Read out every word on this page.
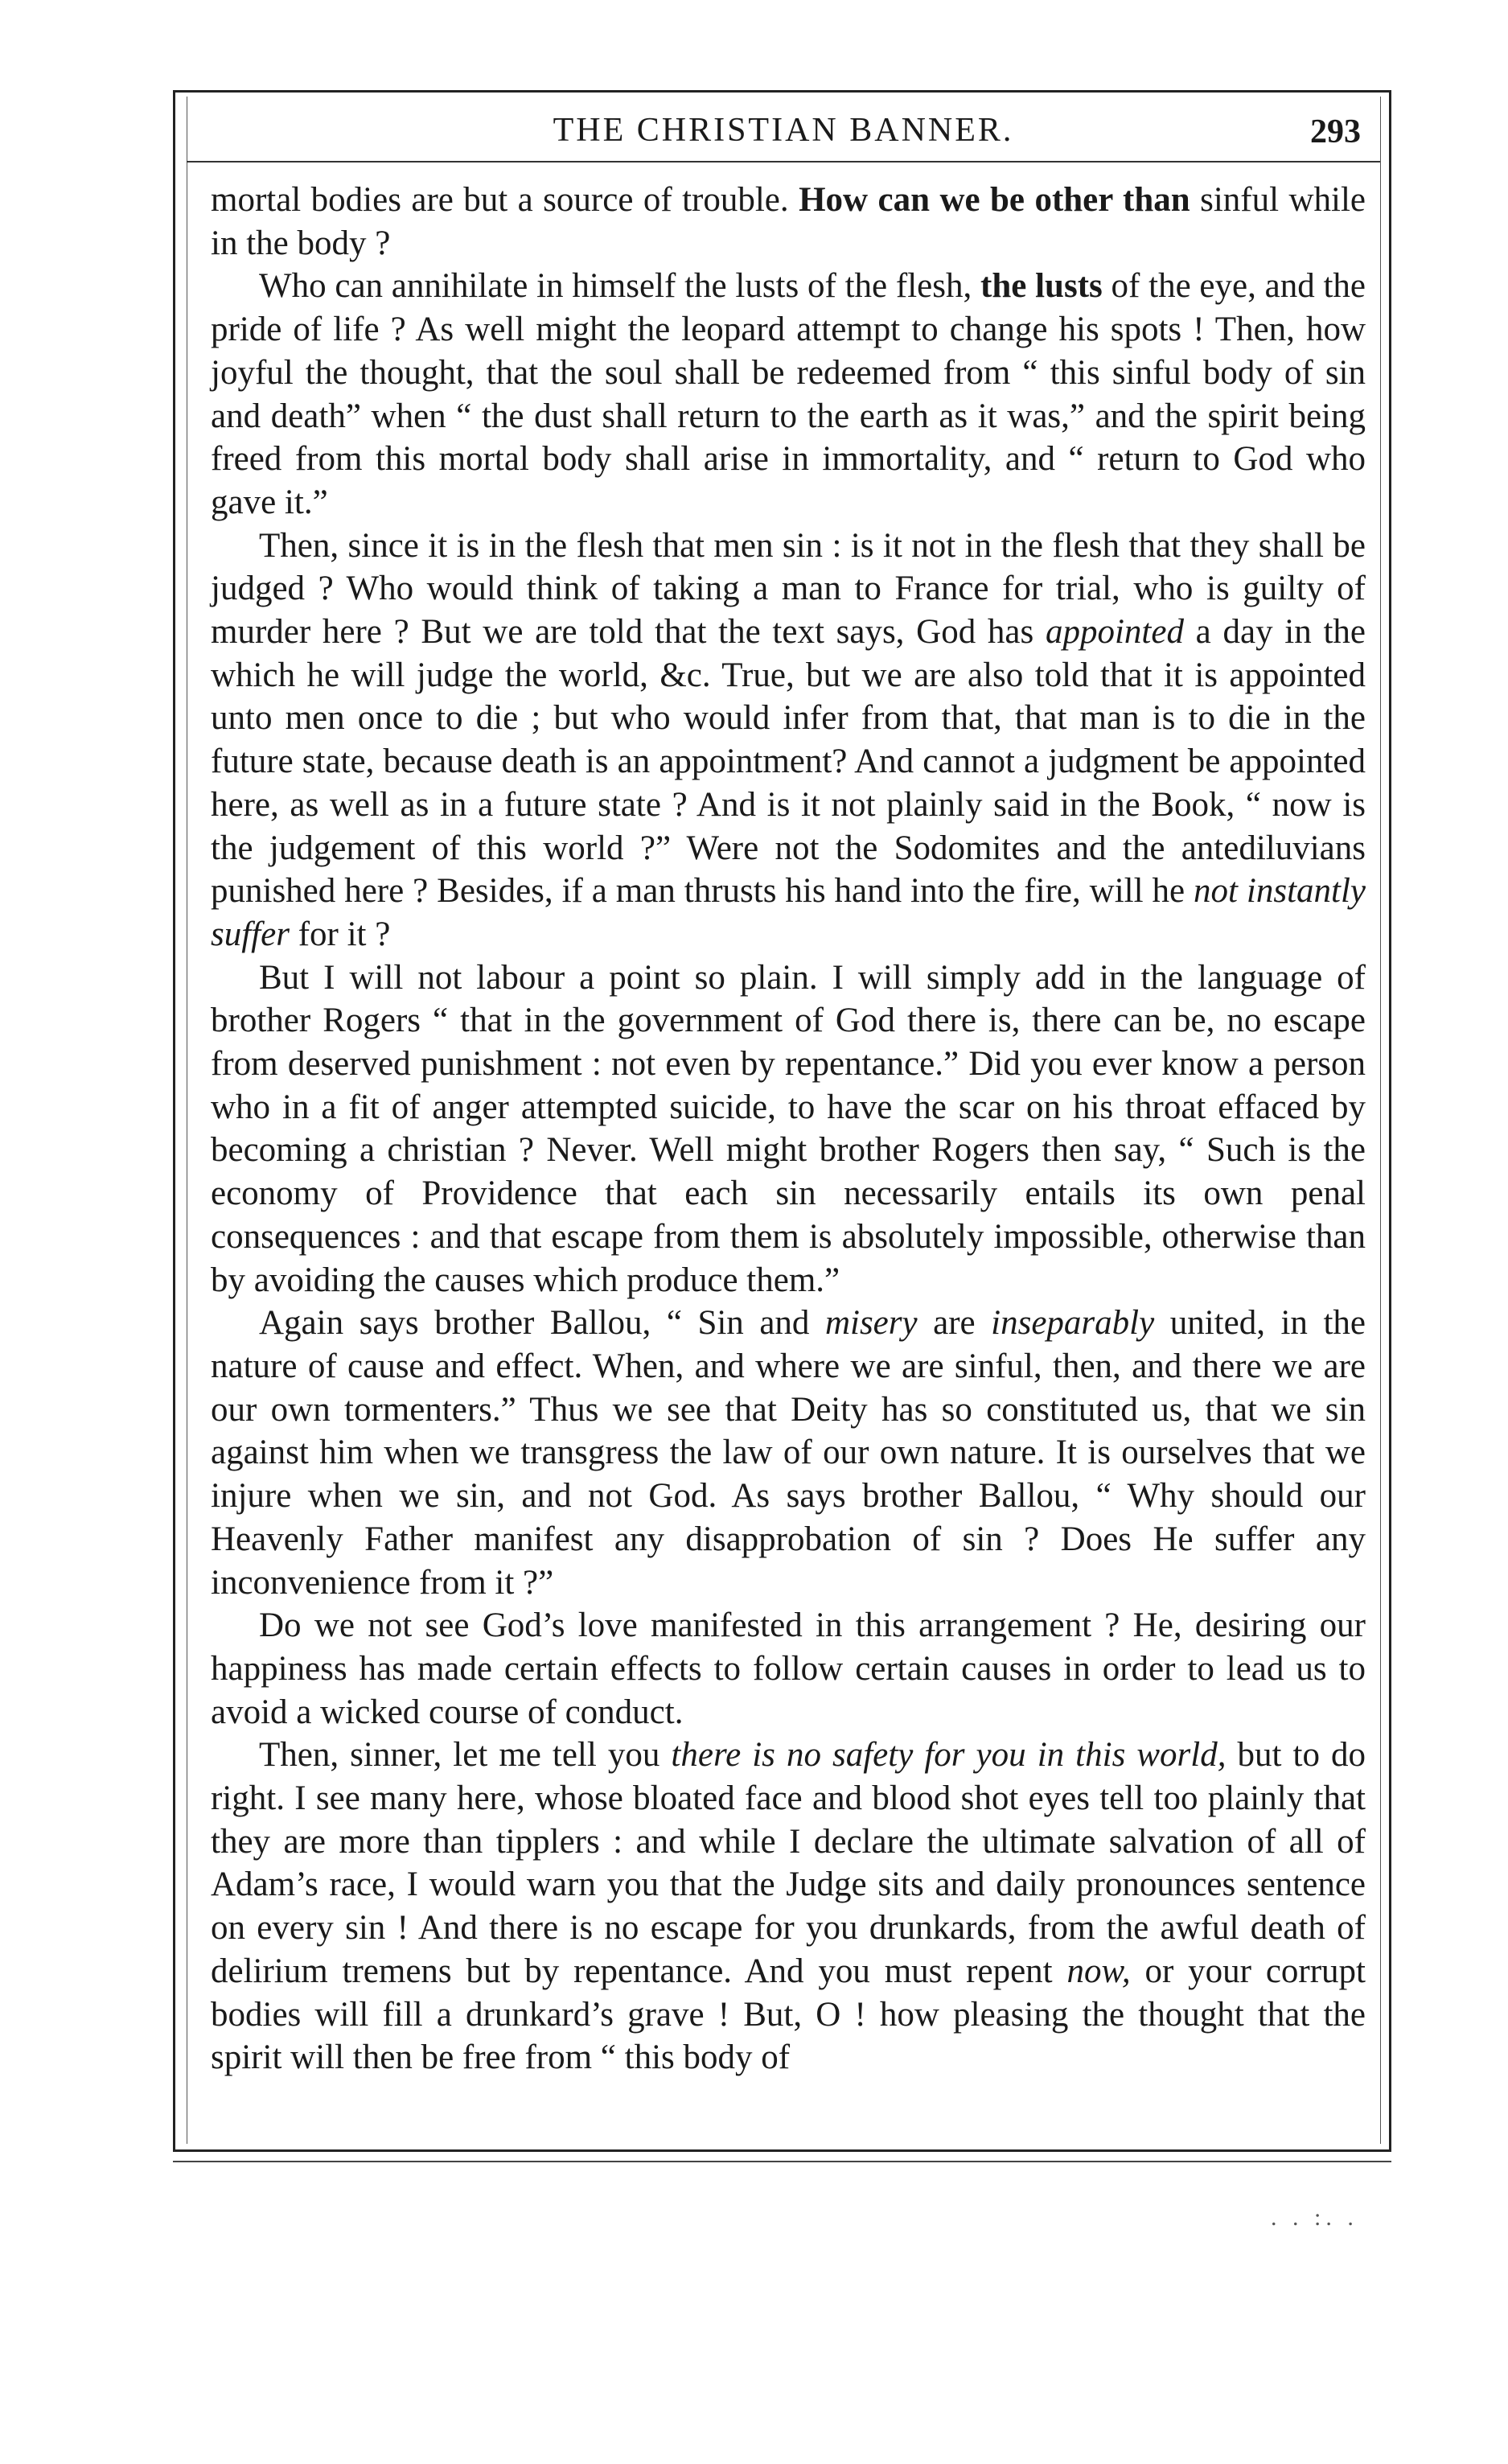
THE CHRISTIAN BANNER.	293

mortal bodies are but a source of trouble. How can we be other than sinful while in the body ?

Who can annihilate in himself the lusts of the flesh, the lusts of the eye, and the pride of life ? As well might the leopard attempt to change his spots ! Then, how joyful the thought, that the soul shall be redeemed from “ this sinful body of sin and death” when “ the dust shall return to the earth as it was,” and the spirit being freed from this mortal body shall arise in immortality, and “ return to God who gave it.”

Then, since it is in the flesh that men sin : is it not in the flesh that they shall be judged ? Who would think of taking a man to France for trial, who is guilty of murder here ? But we are told that the text says, God has appointed a day in the which he will judge the world, &c. True, but we are also told that it is appointed unto men once to die ; but who would infer from that, that man is to die in the future state, because death is an appointment? And cannot a judgment be appointed here, as well as in a future state ? And is it not plainly said in the Book, “ now is the judgement of this world ?” Were not the Sodomites and the antediluvians punished here ? Besides, if a man thrusts his hand into the fire, will he not instantly suffer for it ?

But I will not labour a point so plain. I will simply add in the language of brother Rogers “ that in the government of God there is, there can be, no escape from deserved punishment : not even by repentance.” Did you ever know a person who in a fit of anger attempted suicide, to have the scar on his throat effaced by becoming a christian ? Never. Well might brother Rogers then say, “ Such is the economy of Providence that each sin necessarily entails its own penal consequences : and that escape from them is absolutely impossible, otherwise than by avoiding the causes which produce them.”

Again says brother Ballou, “ Sin and misery are inseparably united, in the nature of cause and effect. When, and where we are sinful, then, and there we are our own tormenters.” Thus we see that Deity has so constituted us, that we sin against him when we transgress the law of our own nature. It is ourselves that we injure when we sin, and not God. As says brother Ballou, “ Why should our Heavenly Father manifest any disapprobation of sin ? Does He suffer any inconvenience from it ?”

Do we not see God’s love manifested in this arrangement ? He, desiring our happiness has made certain effects to follow certain causes in order to lead us to avoid a wicked course of conduct.

Then, sinner, let me tell you there is no safety for you in this world, but to do right. I see many here, whose bloated face and blood shot eyes tell too plainly that they are more than tipplers : and while I declare the ultimate salvation of all of Adam’s race, I would warn you that the Judge sits and daily pronounces sentence on every sin ! And there is no escape for you drunkards, from the awful death of delirium tremens but by repentance. And you must repent now, or your corrupt bodies will fill a drunkard’s grave ! But, O ! how pleasing the thought that the spirit will then be free from “ this body of

. . :. .
